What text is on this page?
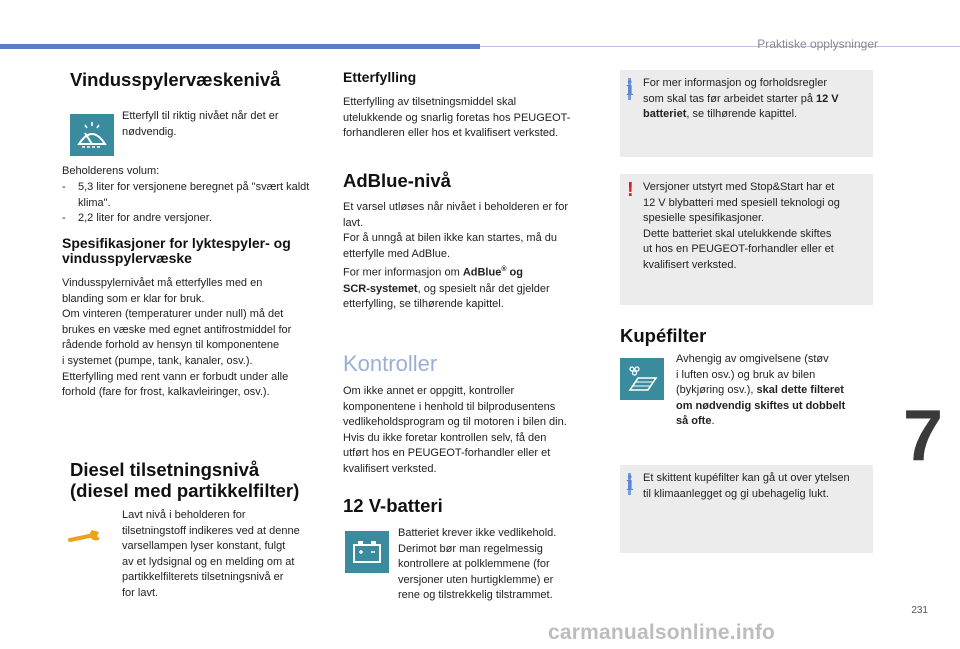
Praktiske opplysninger
Vindusspylervæskenivå
Etterfyll til riktig nivået når det er nødvendig.
Beholderens volum:
- 5,3 liter for versjonene beregnet på "svært kaldt klima".
- 2,2 liter for andre versjoner.
Spesifikasjoner for lyktespyler- og vindusspylervæske
Vindusspylernivået må etterfylles med en
blanding som er klar for bruk.
Om vinteren (temperaturer under null) må det
brukes en væske med egnet antifrostmiddel for
rådende forhold av hensyn til komponentene
i systemet (pumpe, tank, kanaler, osv.).
Etterfylling med rent vann er forbudt under alle
forhold (fare for frost, kalkavleiringer, osv.).
Diesel tilsetningsnivå
(diesel med partikkelfilter)
Lavt nivå i beholderen for
tilsetningstoff indikeres ved at denne
varsellampen lyser konstant, fulgt
av et lydsignal og en melding om at
partikkelfilterets tilsetningsnivå er
for lavt.
Etterfylling
Etterfylling av tilsetningsmiddel skal
utelukkende og snarlig foretas hos PEUGEOT-
forhandleren eller hos et kvalifisert verksted.
AdBlue-nivå
Et varsel utløses når nivået i beholderen er for
lavt.
For å unngå at bilen ikke kan startes, må du
etterfylle med AdBlue.
For mer informasjon om AdBlue® og
SCR-systemet, og spesielt når det gjelder
etterfylling, se tilhørende kapittel.
Kontroller
Om ikke annet er oppgitt, kontroller
komponentene i henhold til bilprodusentens
vedlikeholdsprogram og til motoren i bilen din.
Hvis du ikke foretar kontrollen selv, få den
utført hos en PEUGEOT-forhandler eller et
kvalifisert verksted.
12 V-batteri
Batteriet krever ikke vedlikehold.
Derimot bør man regelmessig
kontrollere at polklemmene (for
versjoner uten hurtigklemme) er
rene og tilstrekkelig tilstrammet.
i For mer informasjon og forholdsregler
som skal tas før arbeidet starter på 12 V
batteriet, se tilhørende kapittel.
! Versjoner utstyrt med Stop&Start har et
12 V blybatteri med spesiell teknologi og
spesielle spesifikasjoner.
Dette batteriet skal utelukkende skiftes
ut hos en PEUGEOT-forhandler eller et
kvalifisert verksted.
Kupéfilter
Avhengig av omgivelsene (støv
i luften osv.) og bruk av bilen
(bykjøring osv.), skal dette filteret
om nødvendig skiftes ut dobbelt
så ofte.
i Et skittent kupéfilter kan gå ut over ytelsen
til klimaanlegget og gi ubehagelig lukt.
7
231
carmanualsonline.info
